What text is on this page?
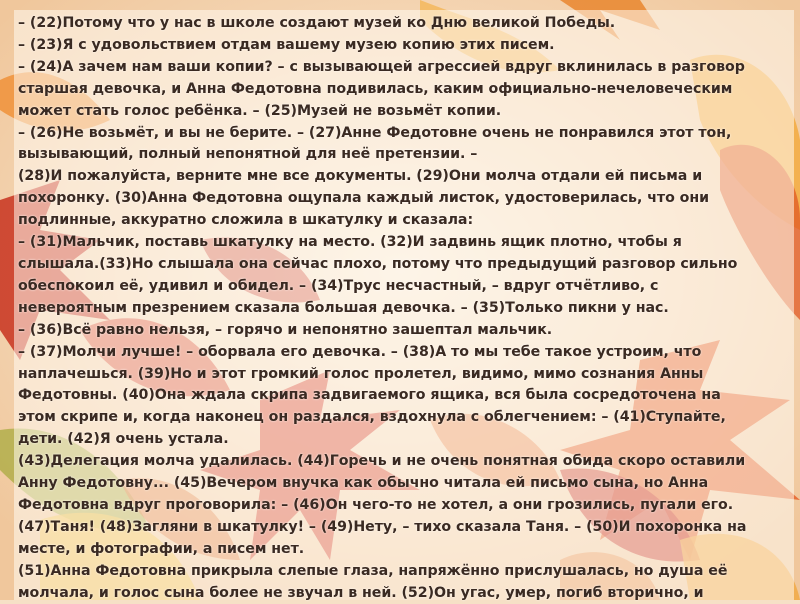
– (22)Потому что у нас в школе создают музей ко Дню великой Победы.
– (23)Я с удовольствием отдам вашему музею копию этих писем.
– (24)А зачем нам ваши копии? – с вызывающей агрессией вдруг вклинилась в разговор
старшая девочка, и Анна Федотовна подивилась, каким официально-нечеловеческим
может стать голос ребёнка. – (25)Музей не возьмёт копии.
– (26)Не возьмёт, и вы не берите. – (27)Анне Федотовне очень не понравился этот тон,
вызывающий, полный непонятной для неё претензии. –
(28)И пожалуйста, верните мне все документы. (29)Они молча отдали ей письма и
похоронку. (30)Анна Федотовна ощупала каждый листок, удостоверилась, что они
подлинные, аккуратно сложила в шкатулку и сказала:
– (31)Мальчик, поставь шкатулку на место. (32)И задвинь ящик плотно, чтобы я
слышала.(33)Но слышала она сейчас плохо, потому что предыдущий разговор сильно
обеспокоил её, удивил и обидел. – (34)Трус несчастный, – вдруг отчётливо, с
невероятным презрением сказала большая девочка. – (35)Только пикни у нас.
– (36)Всё равно нельзя, – горячо и непонятно зашептал мальчик.
– (37)Молчи лучше! – оборвала его девочка. – (38)А то мы тебе такое устроим, что
наплачешься. (39)Но и этот громкий голос пролетел, видимо, мимо сознания Анны
Федотовны. (40)Она ждала скрипа задвигаемого ящика, вся была сосредоточена на
этом скрипе и, когда наконец он раздался, вздохнула с облегчением: – (41)Ступайте,
дети. (42)Я очень устала.
(43)Делегация молча удалилась. (44)Горечь и не очень понятная обида скоро оставили
Анну Федотовну... (45)Вечером внучка как обычно читала ей письмо сына, но Анна
Федотовна вдруг проговорила: – (46)Он чего-то не хотел, а они грозились, пугали его.
(47)Таня! (48)Загляни в шкатулку! – (49)Нету, – тихо сказала Таня. – (50)И похоронка на
месте, и фотографии, а писем нет.
(51)Анна Федотовна прикрыла слепые глаза, напряжённо прислушалась, но душа её
молчала, и голос сына более не звучал в ней. (52)Он угас, умер, погиб вторично, и
